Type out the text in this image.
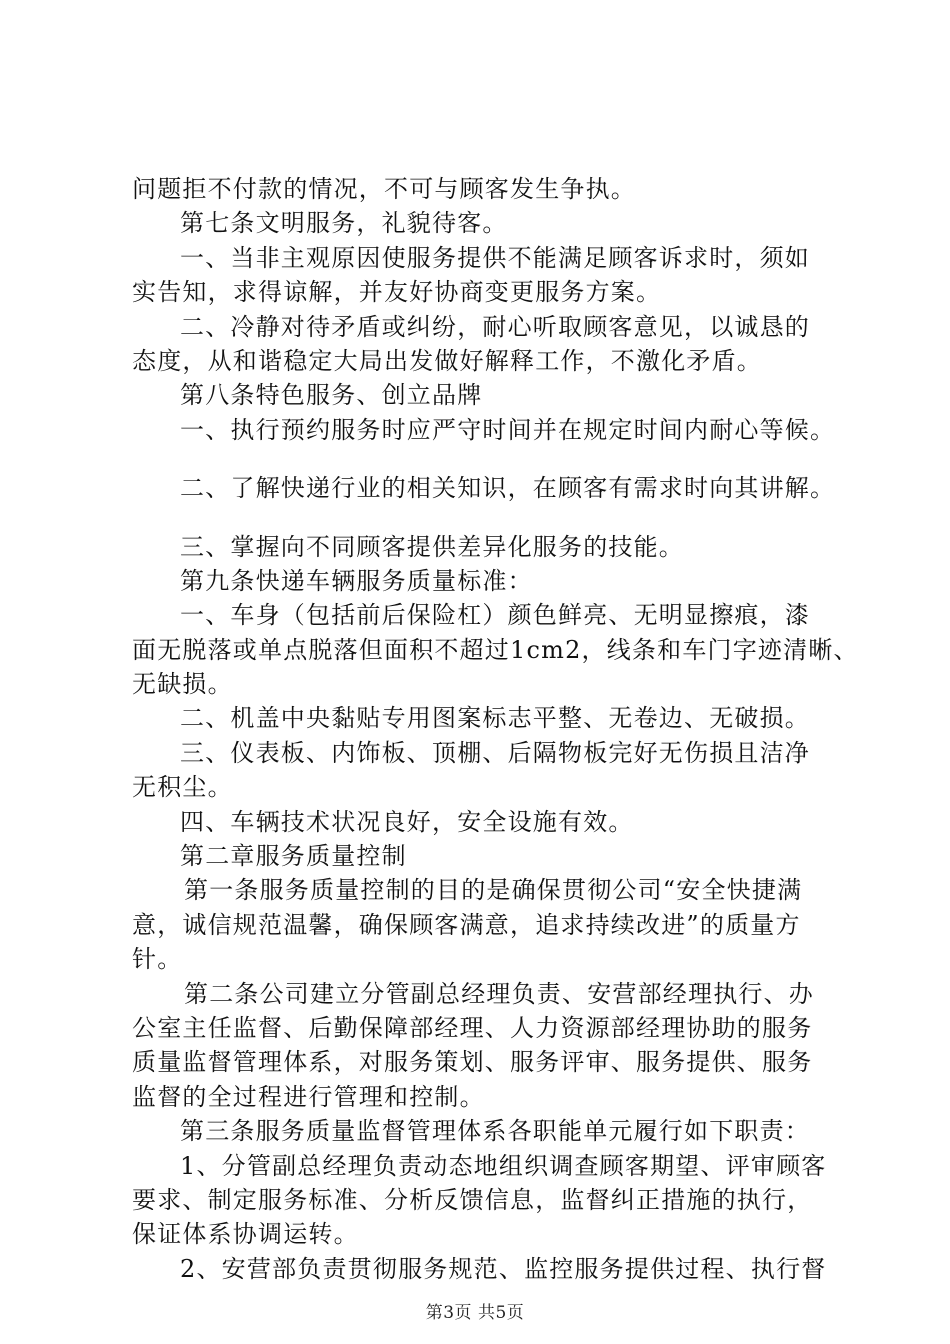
问题拒不付款的情况，不可与顾客发生争执。
第七条文明服务，礼貌待客。
一、当非主观原因使服务提供不能满足顾客诉求时，须如
实告知，求得谅解，并友好协商变更服务方案。
二、冷静对待矛盾或纠纷，耐心听取顾客意见，以诚恳的
态度，从和谐稳定大局出发做好解释工作，不激化矛盾。
第八条特色服务、创立品牌
一、执行预约服务时应严守时间并在规定时间内耐心等候。
二、了解快递行业的相关知识，在顾客有需求时向其讲解。
三、掌握向不同顾客提供差异化服务的技能。
第九条快递车辆服务质量标准：
一、车身（包括前后保险杠）颜色鲜亮、无明显擦痕，漆
面无脱落或单点脱落但面积不超过1cm2，线条和车门字迹清晰、
无缺损。
二、机盖中央黏贴专用图案标志平整、无卷边、无破损。
三、仪表板、内饰板、顶棚、后隔物板完好无伤损且洁净
无积尘。
四、车辆技术状况良好，安全设施有效。
第二章服务质量控制
第一条服务质量控制的目的是确保贯彻公司“安全快捷满
意，诚信规范温馨，确保顾客满意，追求持续改进”的质量方
针。
第二条公司建立分管副总经理负责、安营部经理执行、办
公室主任监督、后勤保障部经理、人力资源部经理协助的服务
质量监督管理体系，对服务策划、服务评审、服务提供、服务
监督的全过程进行管理和控制。
第三条服务质量监督管理体系各职能单元履行如下职责：
1、分管副总经理负责动态地组织调查顾客期望、评审顾客
要求、制定服务标准、分析反馈信息，监督纠正措施的执行，
保证体系协调运转。
2、安营部负责贯彻服务规范、监控服务提供过程、执行督
第3页 共5页
